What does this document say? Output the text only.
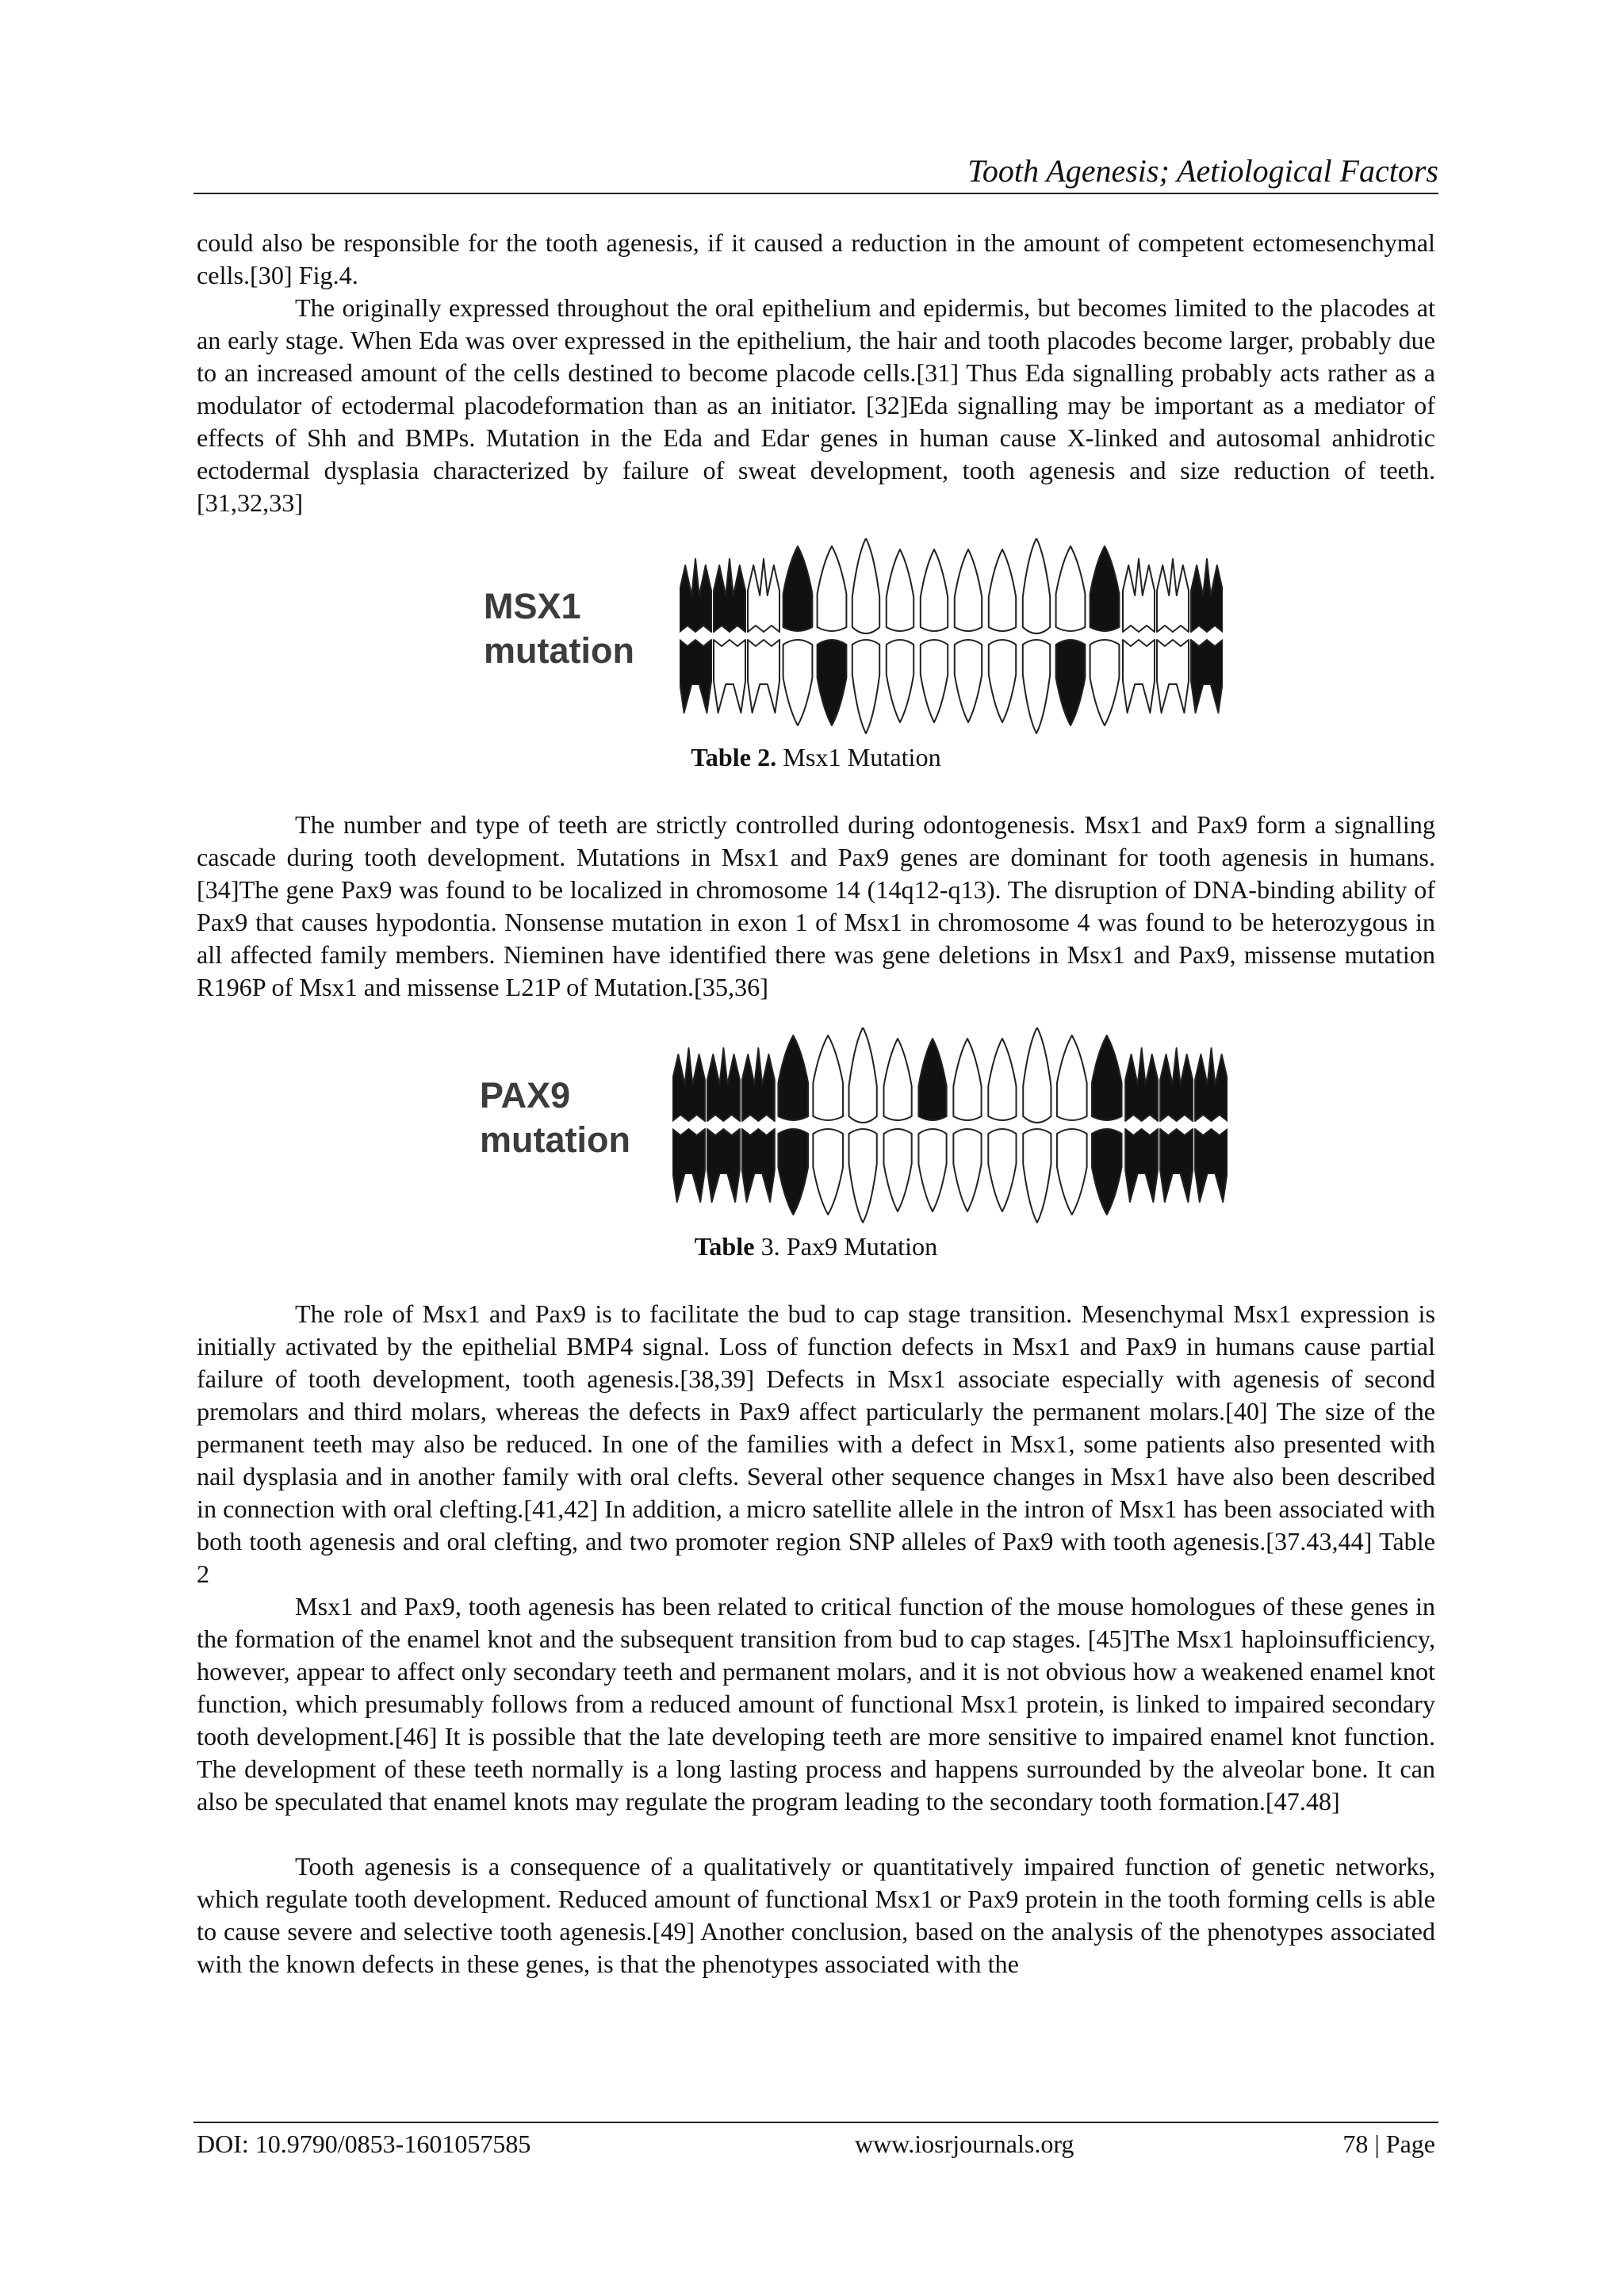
Tooth Agenesis; Aetiological Factors

could also be responsible for the tooth agenesis, if it caused a reduction in the amount of competent ectomesenchymal cells.[30] Fig.4.

The originally expressed throughout the oral epithelium and epidermis, but becomes limited to the placodes at an early stage. When Eda was over expressed in the epithelium, the hair and tooth placodes become larger, probably due to an increased amount of the cells destined to become placode cells.[31] Thus Eda signalling probably acts rather as a modulator of ectodermal placodeformation than as an initiator. [32]Eda signalling may be important as a mediator of effects of Shh and BMPs. Mutation in the Eda and Edar genes in human cause X-linked and autosomal anhidrotic ectodermal dysplasia characterized by failure of sweat development, tooth agenesis and size reduction of teeth.[31,32,33]

MSX1
mutation
Table 2. Msx1 Mutation

The number and type of teeth are strictly controlled during odontogenesis. Msx1 and Pax9 form a signalling cascade during tooth development. Mutations in Msx1 and Pax9 genes are dominant for tooth agenesis in humans. [34]The gene Pax9 was found to be localized in chromosome 14 (14q12-q13). The disruption of DNA-binding ability of Pax9 that causes hypodontia. Nonsense mutation in exon 1 of Msx1 in chromosome 4 was found to be heterozygous in all affected family members. Nieminen have identified there was gene deletions in Msx1 and Pax9, missense mutation R196P of Msx1 and missense L21P of Mutation.[35,36]

PAX9
mutation
Table 3. Pax9 Mutation

The role of Msx1 and Pax9 is to facilitate the bud to cap stage transition. Mesenchymal Msx1 expression is initially activated by the epithelial BMP4 signal. Loss of function defects in Msx1 and Pax9 in humans cause partial failure of tooth development, tooth agenesis.[38,39] Defects in Msx1 associate especially with agenesis of second premolars and third molars, whereas the defects in Pax9 affect particularly the permanent molars.[40] The size of the permanent teeth may also be reduced. In one of the families with a defect in Msx1, some patients also presented with nail dysplasia and in another family with oral clefts. Several other sequence changes in Msx1 have also been described in connection with oral clefting.[41,42] In addition, a micro satellite allele in the intron of Msx1 has been associated with both tooth agenesis and oral clefting, and two promoter region SNP alleles of Pax9 with tooth agenesis.[37.43,44] Table 2

Msx1 and Pax9, tooth agenesis has been related to critical function of the mouse homologues of these genes in the formation of the enamel knot and the subsequent transition from bud to cap stages. [45]The Msx1 haploinsufficiency, however, appear to affect only secondary teeth and permanent molars, and it is not obvious how a weakened enamel knot function, which presumably follows from a reduced amount of functional Msx1 protein, is linked to impaired secondary tooth development.[46] It is possible that the late developing teeth are more sensitive to impaired enamel knot function. The development of these teeth normally is a long lasting process and happens surrounded by the alveolar bone. It can also be speculated that enamel knots may regulate the program leading to the secondary tooth formation.[47.48]

Tooth agenesis is a consequence of a qualitatively or quantitatively impaired function of genetic networks, which regulate tooth development. Reduced amount of functional Msx1 or Pax9 protein in the tooth forming cells is able to cause severe and selective tooth agenesis.[49] Another conclusion, based on the analysis of the phenotypes associated with the known defects in these genes, is that the phenotypes associated with the

DOI: 10.9790/0853-1601057585	www.iosrjournals.org	78 | Page
